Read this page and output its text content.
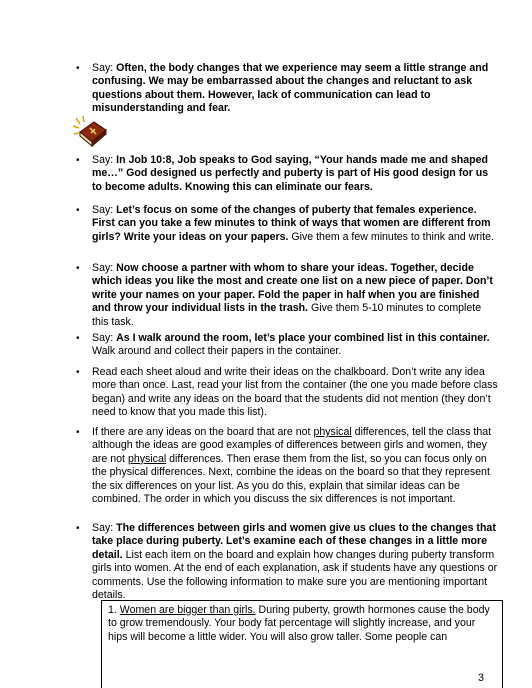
• Say: Often, the body changes that we experience may seem a little strange and confusing. We may be embarrassed about the changes and reluctant to ask questions about them. However, lack of communication can lead to misunderstanding and fear.
• Say: In Job 10:8, Job speaks to God saying, “Your hands made me and shaped me…” God designed us perfectly and puberty is part of His good design for us to become adults. Knowing this can eliminate our fears.
• Say: Let’s focus on some of the changes of puberty that females experience. First can you take a few minutes to think of ways that women are different from girls? Write your ideas on your papers. Give them a few minutes to think and write.
• Say: Now choose a partner with whom to share your ideas. Together, decide which ideas you like the most and create one list on a new piece of paper. Don’t write your names on your paper. Fold the paper in half when you are finished and throw your individual lists in the trash. Give them 5-10 minutes to complete this task.
• Say: As I walk around the room, let’s place your combined list in this container. Walk around and collect their papers in the container.
• Read each sheet aloud and write their ideas on the chalkboard. Don’t write any idea more than once. Last, read your list from the container (the one you made before class began) and write any ideas on the board that the students did not mention (they don’t need to know that you made this list).
• If there are any ideas on the board that are not physical differences, tell the class that although the ideas are good examples of differences between girls and women, they are not physical differences. Then erase them from the list, so you can focus only on the physical differences. Next, combine the ideas on the board so that they represent the six differences on your list. As you do this, explain that similar ideas can be combined. The order in which you discuss the six differences is not important.
• Say: The differences between girls and women give us clues to the changes that take place during puberty. Let’s examine each of these changes in a little more detail. List each item on the board and explain how changes during puberty transform girls into women. At the end of each explanation, ask if students have any questions or comments. Use the following information to make sure you are mentioning important details.
1. Women are bigger than girls. During puberty, growth hormones cause the body to grow tremendously. Your body fat percentage will slightly increase, and your hips will become a little wider. You will also grow taller. Some people can
3
